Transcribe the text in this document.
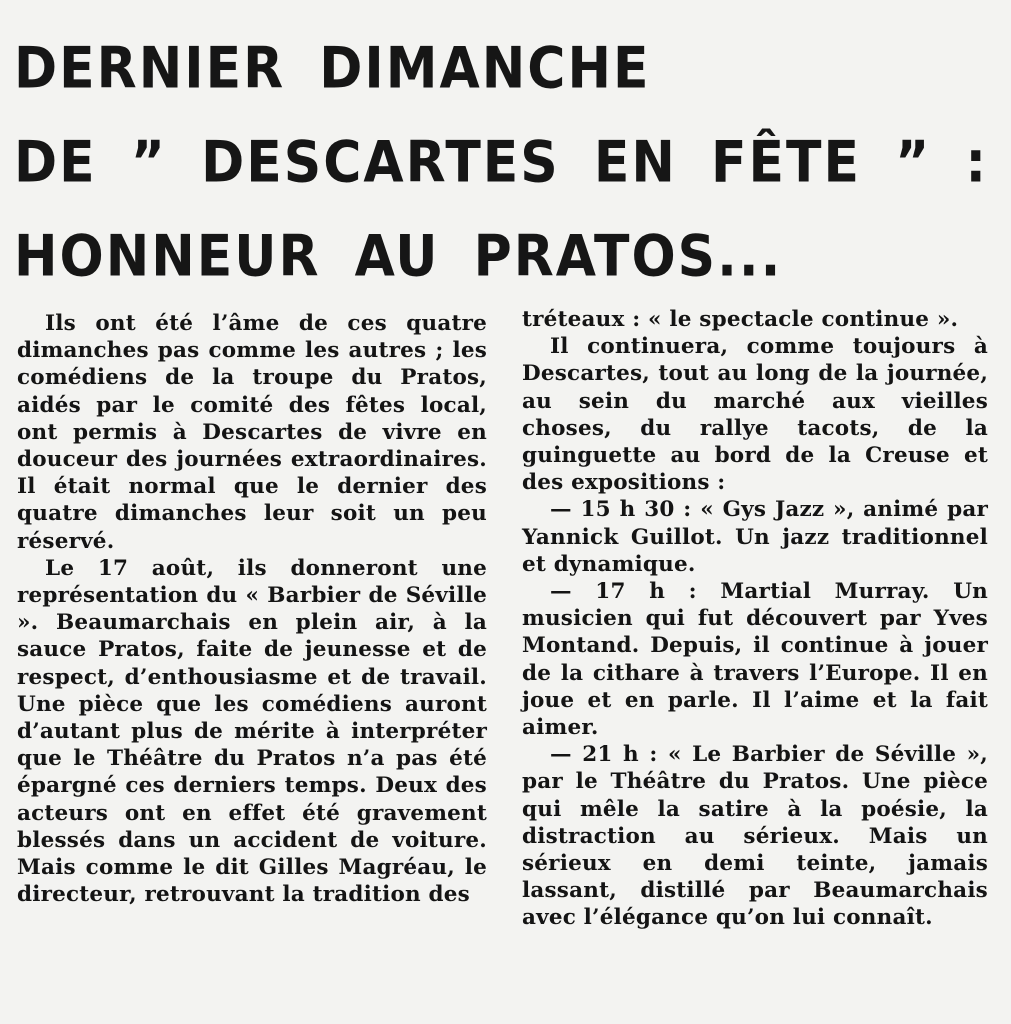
DERNIER DIMANCHE
DE ” DESCARTES EN FÊTE ” :
HONNEUR AU PRATOS...

Ils ont été l’âme de ces quatre dimanches pas comme les autres ; les comédiens de la troupe du Pratos, aidés par le comité des fêtes local, ont permis à Descartes de vivre en douceur des journées extraordinaires. Il était normal que le dernier des quatre dimanches leur soit un peu réservé.

Le 17 août, ils donneront une représentation du « Barbier de Séville ». Beaumarchais en plein air, à la sauce Pratos, faite de jeunesse et de respect, d’enthousiasme et de travail. Une pièce que les comédiens auront d’autant plus de mérite à interpréter que le Théâtre du Pratos n’a pas été épargné ces derniers temps. Deux des acteurs ont en effet été gravement blessés dans un accident de voiture. Mais comme le dit Gilles Magréau, le directeur, retrouvant la tradition des

tréteaux : « le spectacle continue ».

Il continuera, comme toujours à Descartes, tout au long de la journée, au sein du marché aux vieilles choses, du rallye tacots, de la guinguette au bord de la Creuse et des expositions :

— 15 h 30 : « Gys Jazz », animé par Yannick Guillot. Un jazz traditionnel et dynamique.

— 17 h : Martial Murray. Un musicien qui fut découvert par Yves Montand. Depuis, il continue à jouer de la cithare à travers l’Europe. Il en joue et en parle. Il l’aime et la fait aimer.

— 21 h : « Le Barbier de Séville », par le Théâtre du Pratos. Une pièce qui mêle la satire à la poésie, la distraction au sérieux. Mais un sérieux en demi teinte, jamais lassant, distillé par Beaumarchais avec l’élégance qu’on lui connaît.
